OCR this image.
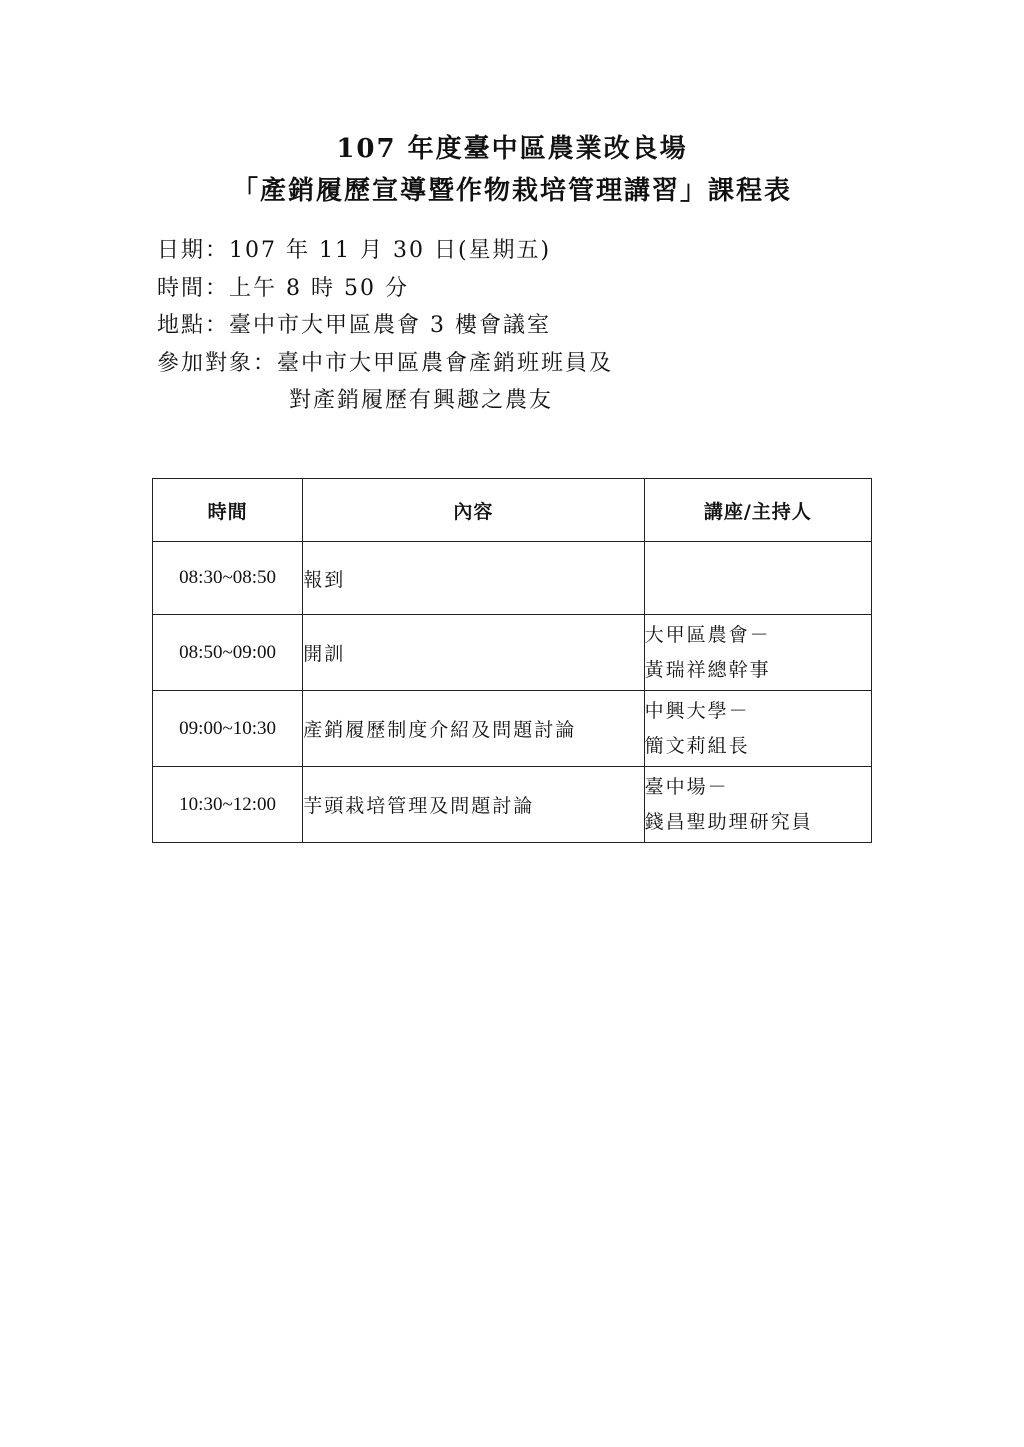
107 年度臺中區農業改良場
「產銷履歷宣導暨作物栽培管理講習」課程表
日期：107 年 11 月 30 日(星期五)
時間：上午 8 時 50 分
地點：臺中市大甲區農會 3 樓會議室
參加對象：臺中市大甲區農會產銷班班員及
對產銷履歷有興趣之農友
時間	內容	講座/主持人
08:30~08:50	報到	

08:50~09:00	開訓	大甲區農會－
黃瑞祥總幹事

09:00~10:30	產銷履歷制度介紹及問題討論	中興大學－
簡文莉組長

10:30~12:00	芋頭栽培管理及問題討論	臺中場－
錢昌聖助理研究員
